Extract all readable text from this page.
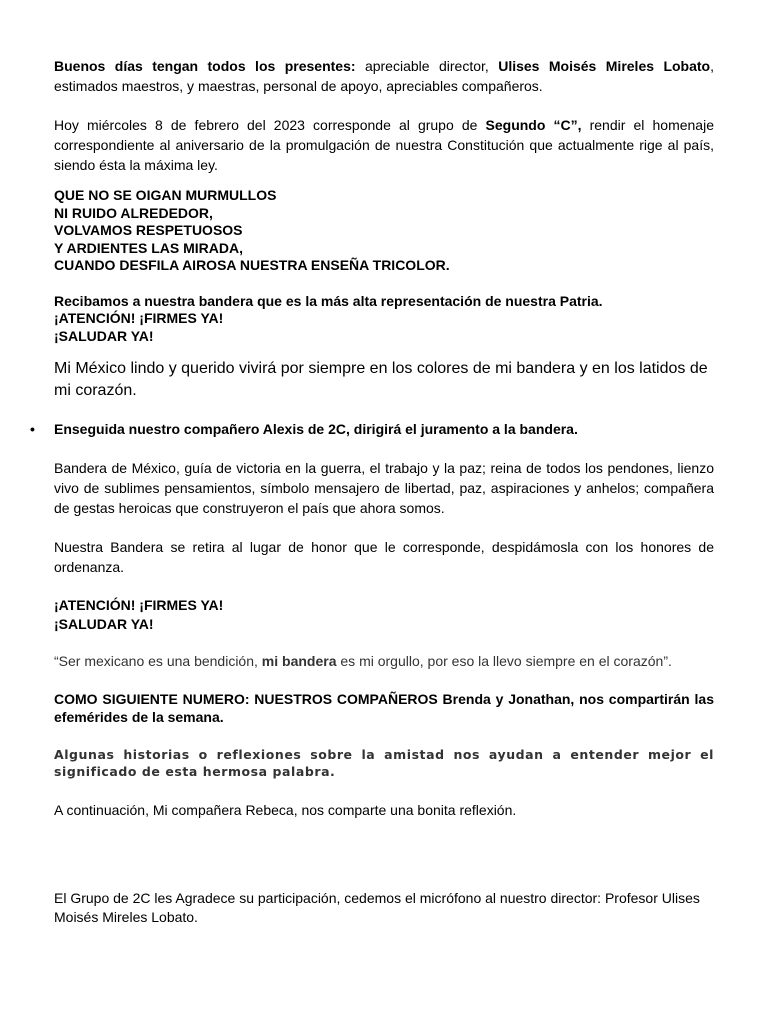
Buenos días tengan todos los presentes: apreciable director, Ulises Moisés Mireles Lobato, estimados maestros, y maestras, personal de apoyo, apreciables compañeros.

Hoy miércoles 8 de febrero del 2023 corresponde al grupo de Segundo “C”, rendir el homenaje correspondiente al aniversario de la promulgación de nuestra Constitución que actualmente rige al país, siendo ésta la máxima ley.

QUE NO SE OIGAN MURMULLOS
NI RUIDO ALREDEDOR,
VOLVAMOS RESPETUOSOS
Y ARDIENTES LAS MIRADA,
CUANDO DESFILA AIROSA NUESTRA ENSEÑA TRICOLOR.
Recibamos a nuestra bandera que es la más alta representación de nuestra Patria.
¡ATENCIÓN! ¡FIRMES YA!
¡SALUDAR YA!

Mi México lindo y querido vivirá por siempre en los colores de mi bandera y en los latidos de mi corazón.

• Enseguida nuestro compañero Alexis de 2C, dirigirá el juramento a la bandera.

Bandera de México, guía de victoria en la guerra, el trabajo y la paz; reina de todos los pendones, lienzo vivo de sublimes pensamientos, símbolo mensajero de libertad, paz, aspiraciones y anhelos; compañera de gestas heroicas que construyeron el país que ahora somos.

Nuestra Bandera se retira al lugar de honor que le corresponde, despidámosla con los honores de ordenanza.

¡ATENCIÓN! ¡FIRMES YA!
¡SALUDAR YA!

“Ser mexicano es una bendición, mi bandera es mi orgullo, por eso la llevo siempre en el corazón”.

COMO SIGUIENTE NUMERO: NUESTROS COMPAÑEROS Brenda y Jonathan, nos compartirán las efemérides de la semana.

Algunas historias o reflexiones sobre la amistad nos ayudan a entender mejor el significado de esta hermosa palabra.

A continuación, Mi compañera Rebeca, nos comparte una bonita reflexión.

El Grupo de 2C les Agradece su participación, cedemos el micrófono al nuestro director: Profesor Ulises Moisés Mireles Lobato.
